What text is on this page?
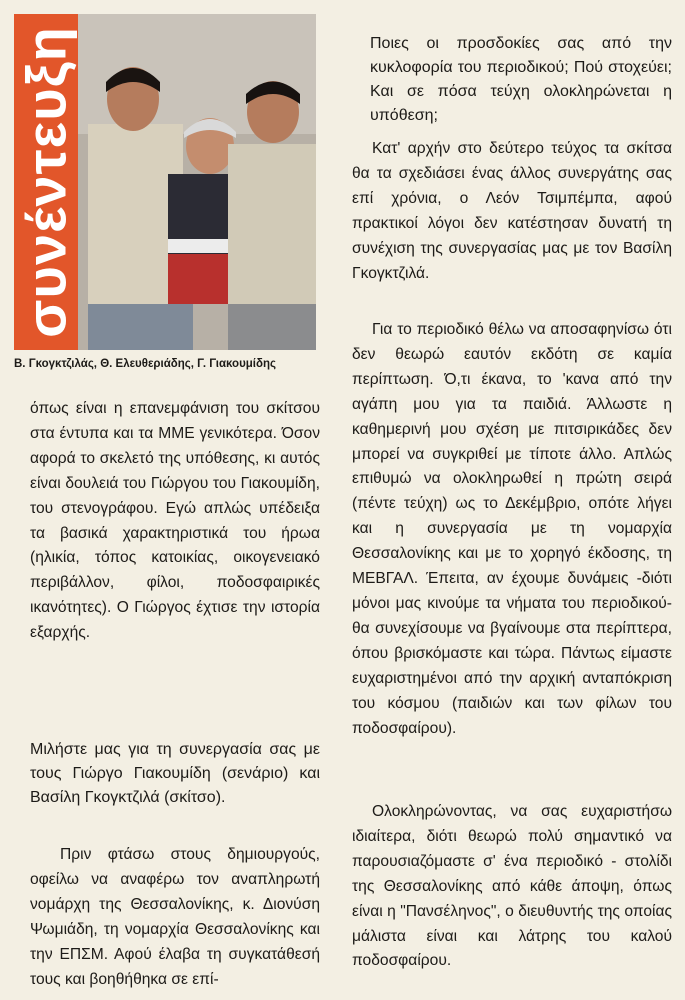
συνέντευξη
Β. Γκογκτζιλάς, Θ. Ελευθεριάδης, Γ. Γιακουμίδης

όπως είναι η επανεμφάνιση του σκίτσου στα έντυπα και τα ΜΜΕ γενικότερα. Όσον αφορά το σκελετό της υπόθεσης, κι αυτός είναι δουλειά του Γιώργου του Γιακουμίδη, του στενογράφου. Εγώ απλώς υπέδειξα τα βασικά χαρακτηριστικά του ήρωα (ηλικία, τόπος κατοικίας, οικογενειακό περιβάλλον, φίλοι, ποδοσφαιρικές ικανότητες). Ο Γιώργος έχτισε την ιστορία εξαρχής.

Μιλήστε μας για τη συνεργασία σας με τους Γιώργο Γιακουμίδη (σενάριο) και Βασίλη Γκογκτζιλά (σκίτσο).

Πριν φτάσω στους δημιουργούς, οφείλω να αναφέρω τον αναπληρωτή νομάρχη της Θεσσαλονίκης, κ. Διονύση Ψωμιάδη, τη νομαρχία Θεσσαλονίκης και την ΕΠΣΜ. Αφού έλαβα τη συγκατάθεσή τους και βοηθήθηκα σε επί-

Ποιες οι προσδοκίες σας από την κυκλοφορία του περιοδικού; Πού στοχεύει; Και σε πόσα τεύχη ολοκληρώνεται η υπόθεση;

Κατ' αρχήν στο δεύτερο τεύχος τα σκίτσα θα τα σχεδιάσει ένας άλλος συνεργάτης σας επί χρόνια, ο Λεόν Τσιμπέμπα, αφού πρακτικοί λόγοι δεν κατέστησαν δυνατή τη συνέχιση της συνεργασίας μας με τον Βασίλη Γκογκτζιλά.

Για το περιοδικό θέλω να αποσαφηνίσω ότι δεν θεωρώ εαυτόν εκδότη σε καμία περίπτωση. Ό,τι έκανα, το 'κανα από την αγάπη μου για τα παιδιά. Άλλωστε η καθημερινή μου σχέση με πιτσιρικάδες δεν μπορεί να συγκριθεί με τίποτε άλλο. Απλώς επιθυμώ να ολοκληρωθεί η πρώτη σειρά (πέντε τεύχη) ως το Δεκέμβριο, οπότε λήγει και η συνεργασία με τη νομαρχία Θεσσαλονίκης και με το χορηγό έκδοσης, τη ΜΕΒΓΑΛ. Έπειτα, αν έχουμε δυνάμεις -διότι μόνοι μας κινούμε τα νήματα του περιοδικού- θα συνεχίσουμε να βγαίνουμε στα περίπτερα, όπου βρισκόμαστε και τώρα. Πάντως είμαστε ευχαριστημένοι από την αρχική ανταπόκριση του κόσμου (παιδιών και των φίλων του ποδοσφαίρου).

Ολοκληρώνοντας, να σας ευχαριστήσω ιδιαίτερα, διότι θεωρώ πολύ σημαντικό να παρουσιαζόμαστε σ' ένα περιοδικό - στολίδι της Θεσσαλονίκης από κάθε άποψη, όπως είναι η "Πανσέληνος", ο διευθυντής της οποίας μάλιστα είναι και λάτρης του καλού ποδοσφαίρου.
